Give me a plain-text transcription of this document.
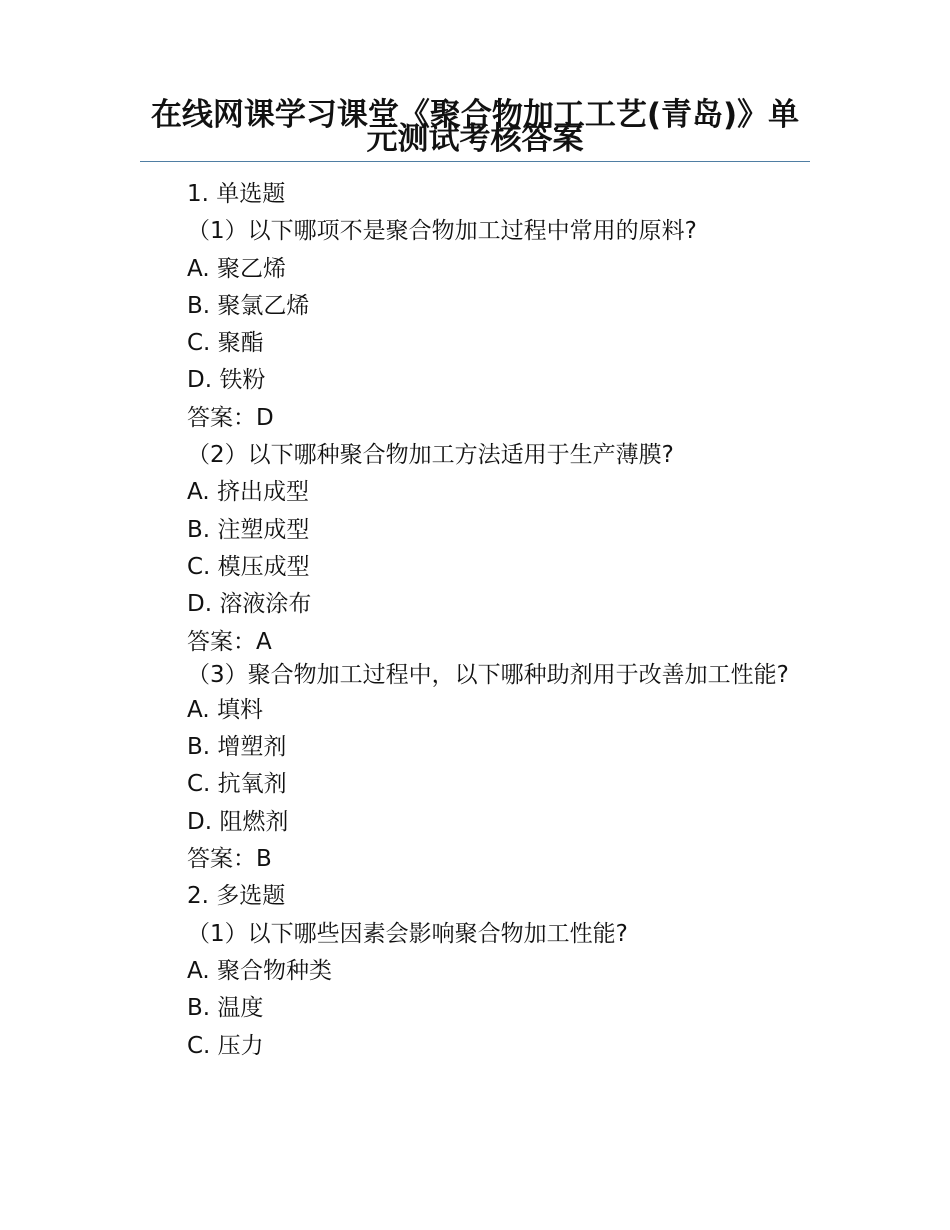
在线网课学习课堂《聚合物加工工艺(青岛)》单元测试考核答案

1. 单选题

（1）以下哪项不是聚合物加工过程中常用的原料?

A. 聚乙烯

B. 聚氯乙烯

C. 聚酯

D. 铁粉

答案：D

（2）以下哪种聚合物加工方法适用于生产薄膜?

A. 挤出成型

B. 注塑成型

C. 模压成型

D. 溶液涂布

答案：A

（3）聚合物加工过程中，以下哪种助剂用于改善加工性能?

A. 填料

B. 增塑剂

C. 抗氧剂

D. 阻燃剂

答案：B

2. 多选题

（1）以下哪些因素会影响聚合物加工性能?

A. 聚合物种类

B. 温度

C. 压力
